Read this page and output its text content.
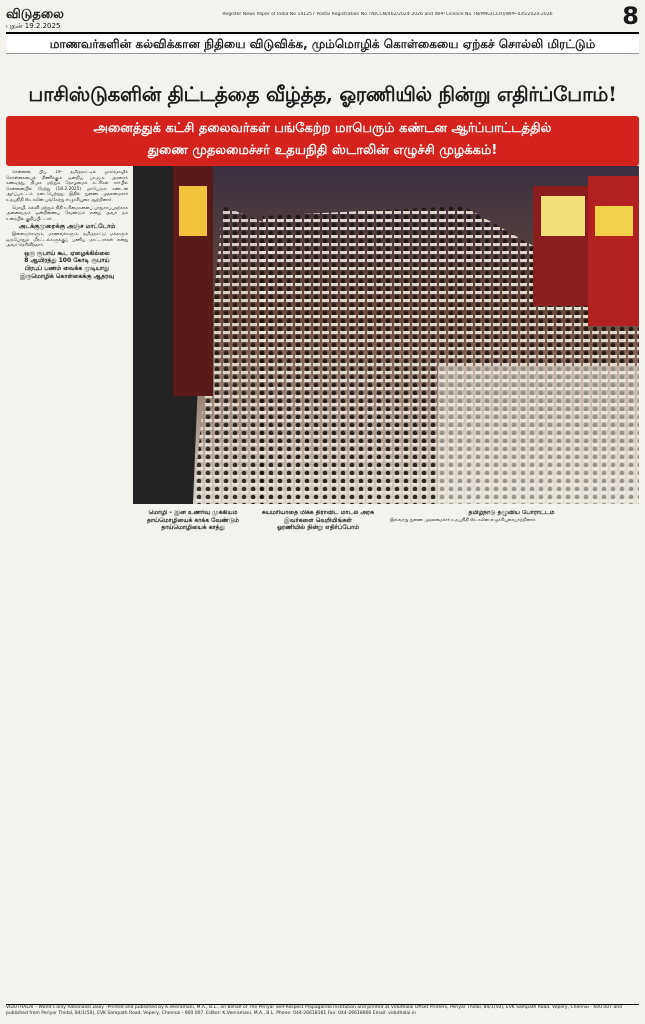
விடுதலை
புதன் 19.2.2025
Register News Paper of India No 141257 Postal Registration No TN/CCN/462/2024-2026 and WPP Licence No TN/PMG(CCR)/WPP-435/2024-2026	8
மாணவர்களின் கல்விக்கான நிதியை விடுவிக்க, மும்மொழிக் கொள்கையை ஏற்கச் சொல்லி மிரட்டும்
பாசிஸ்டுகளின் திட்டத்தை வீழ்த்த, ஓரணியில் நின்று எதிர்ப்போம்!
அனைத்துக் கட்சி தலைவர்கள் பங்கேற்ற மாபெரும் கண்டன ஆர்ப்பாட்டத்தில்
துணை முதலமைச்சர் உதயநிதி ஸ்டாலின் எழுச்சி முழக்கம்!

சென்னை, பிப். 19– தமிழ்நாட்டில் மும்மொழிக் கொள்கையைத் திணிக்கும் ஒன்றிய பா.ஜ.க. அரசைக் கண்டித்து, திமுக மற்றும் தோழமைக் கட்சிகள் சார்பில் சென்னையில் நேற்று (18.2.2025) மாபெரும் கண்டன ஆர்ப்பாட்டம் நடைபெற்றது. இதில் துணை முதலமைச்சர் உதயநிதி ஸ்டாலின் பங்கேற்று எழுச்சியுரை ஆற்றினார்.

மொழி, கல்வி மற்றும் நிதி உரிமைகளைப் பாதுகாப்பதற்காக அனைவரும் ஒன்றிணைய வேண்டும் என்று அவர் தம் உரையில் குறிப்பிட்டார்.

அடக்குமுறைக்கு அஞ்ச மாட்டோம்

இளைஞர்களும், மாணவர்களும், தமிழ்நாட்டு மக்களும் ஒருபோதும் மிரட்டல்களுக்குப் பணிய மாட்டார்கள் என்று அவர் தெரிவித்தார்.

ஒரு ரூபாய் கூட ஏழைக்கில்லை

8 ஆயிரத்து 100 கோடி ரூபாய்

பிரபுப் பணம் வைக்க முடியாது

இருமொழிக் கொள்கைக்கு ஆதரவு

மொழி – இன உணர்வு முக்கியம்

தாய்மொழியைக் காக்க வேண்டும்

தாய்மொழியைக் காத்து

சுயமரியாதை மிக்க திராவிட மாடல் அரசு

இவர்களை வெறியிங்கள்

ஓரணியில் நின்று எதிர்ப்போம்

தமிழ்நாடு தழுவிய போராட்டம்

இவ்வாறு துணை முதலமைச்சர் உதயநிதி ஸ்டாலின் எழுச்சியுரையாற்றினார்.

VIDUTHALAI – World's only Rationalist Daily –Printed and published by K.Veeramani, M.A., B.L., on behalf of The Periyar Self-Respect Propaganda Institution and printed at Viduthalai Offset Printers, Periyar Thidal, 84/1(50), EVK Sampath Road, Vepery, Chennai - 600 007 and published from Periyar Thidal, 84/1(50), EVK Sampath Road, Vepery, Chennai - 600 007. Editor: K.Veeramani, M.A., B.L. Phone: 044-26618161 Fax: 044-26618866 Email: viduthalai.in
